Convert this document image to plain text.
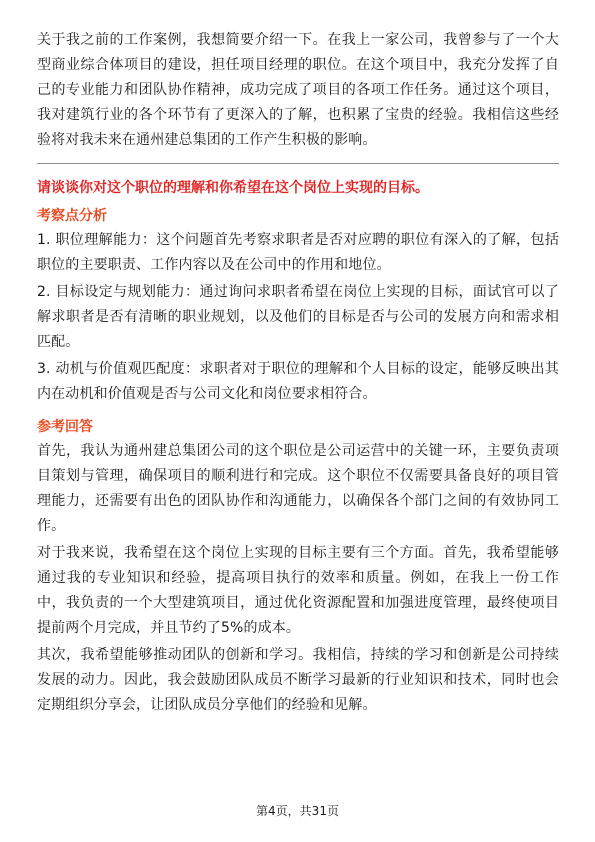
关于我之前的工作案例，我想简要介绍一下。在我上一家公司，我曾参与了一个大型商业综合体项目的建设，担任项目经理的职位。在这个项目中，我充分发挥了自己的专业能力和团队协作精神，成功完成了项目的各项工作任务。通过这个项目，我对建筑行业的各个环节有了更深入的了解，也积累了宝贵的经验。我相信这些经验将对我未来在通州建总集团的工作产生积极的影响。

请谈谈你对这个职位的理解和你希望在这个岗位上实现的目标。

考察点分析

1. 职位理解能力：这个问题首先考察求职者是否对应聘的职位有深入的了解，包括职位的主要职责、工作内容以及在公司中的作用和地位。

2. 目标设定与规划能力：通过询问求职者希望在岗位上实现的目标，面试官可以了解求职者是否有清晰的职业规划，以及他们的目标是否与公司的发展方向和需求相匹配。

3. 动机与价值观匹配度：求职者对于职位的理解和个人目标的设定，能够反映出其内在动机和价值观是否与公司文化和岗位要求相符合。

参考回答

首先，我认为通州建总集团公司的这个职位是公司运营中的关键一环，主要负责项目策划与管理，确保项目的顺利进行和完成。这个职位不仅需要具备良好的项目管理能力，还需要有出色的团队协作和沟通能力，以确保各个部门之间的有效协同工作。

对于我来说，我希望在这个岗位上实现的目标主要有三个方面。首先，我希望能够通过我的专业知识和经验，提高项目执行的效率和质量。例如，在我上一份工作中，我负责的一个大型建筑项目，通过优化资源配置和加强进度管理，最终使项目提前两个月完成，并且节约了5%的成本。

其次，我希望能够推动团队的创新和学习。我相信，持续的学习和创新是公司持续发展的动力。因此，我会鼓励团队成员不断学习最新的行业知识和技术，同时也会定期组织分享会，让团队成员分享他们的经验和见解。

第4页，共31页
